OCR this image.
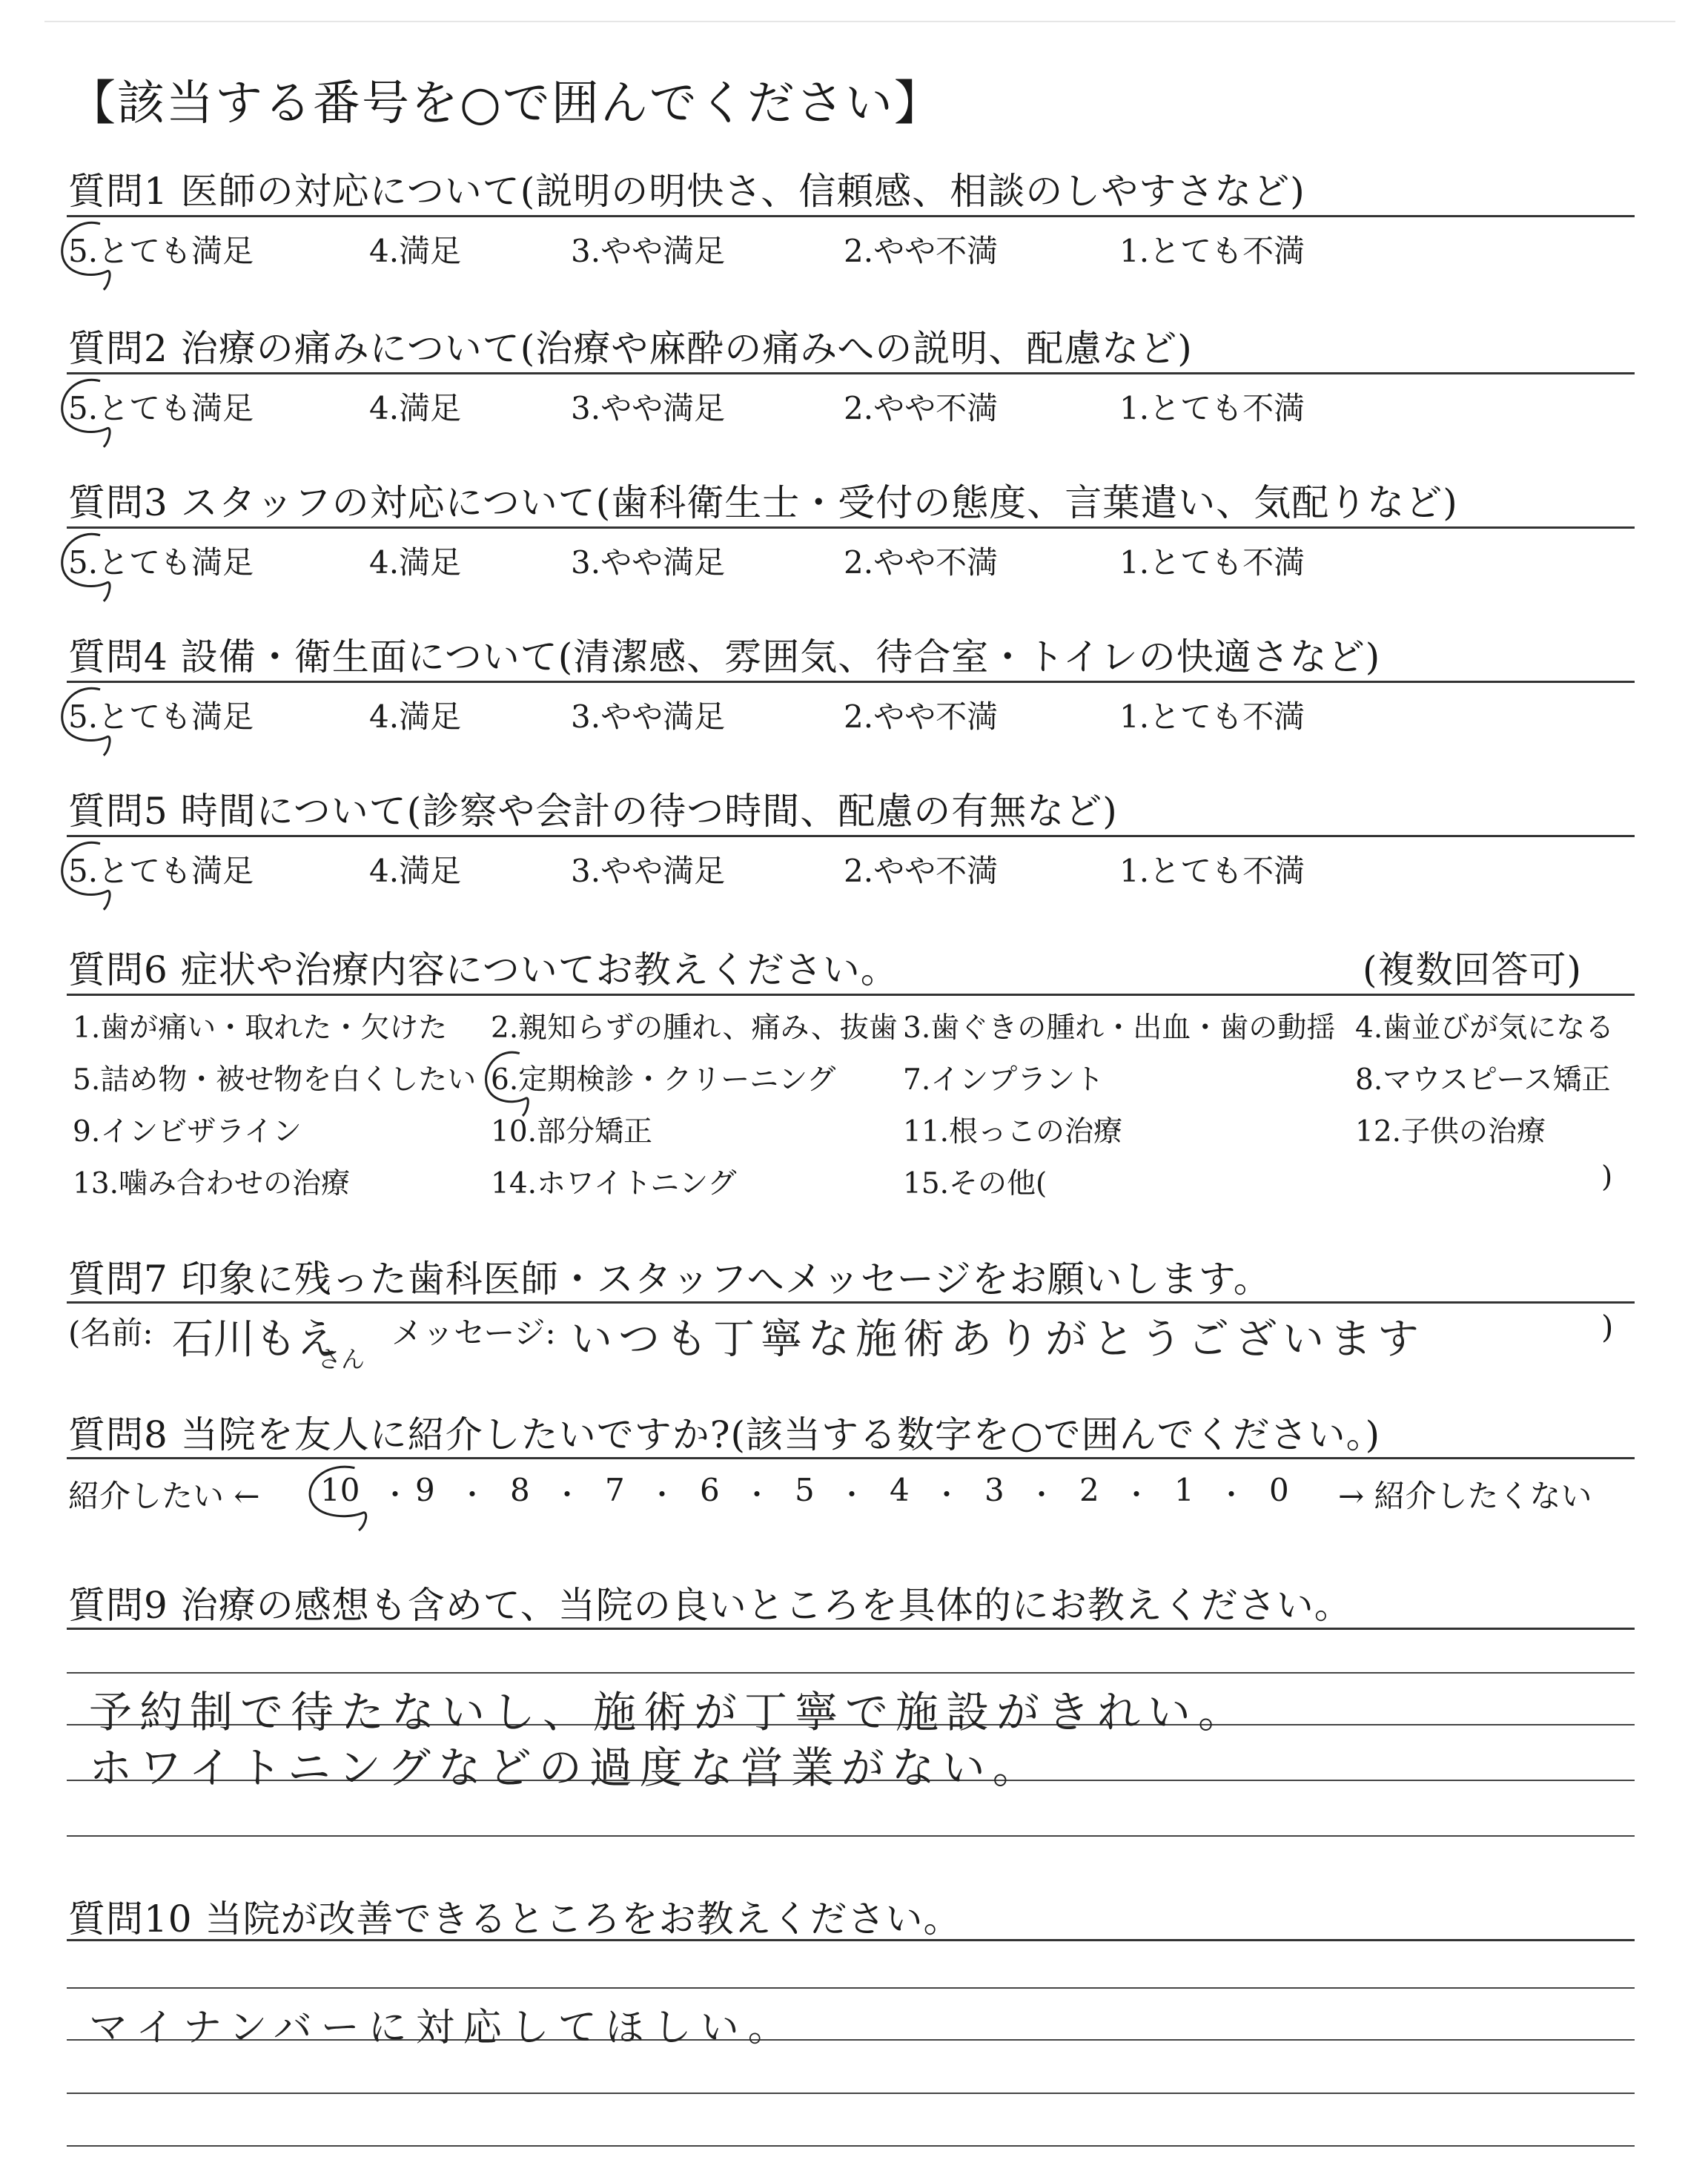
【該当する番号を○で囲んでください】
質問1 医師の対応について(説明の明快さ、信頼感、相談のしやすさなど)
5.とても満足	4.満足	3.やや満足	2.やや不満	1.とても不満
質問2 治療の痛みについて(治療や麻酔の痛みへの説明、配慮など)
5.とても満足	4.満足	3.やや満足	2.やや不満	1.とても不満
質問3 スタッフの対応について(歯科衛生士・受付の態度、言葉遣い、気配りなど)
5.とても満足	4.満足	3.やや満足	2.やや不満	1.とても不満
質問4 設備・衛生面について(清潔感、雰囲気、待合室・トイレの快適さなど)
5.とても満足	4.満足	3.やや満足	2.やや不満	1.とても不満
質問5 時間について(診察や会計の待つ時間、配慮の有無など)
5.とても満足	4.満足	3.やや満足	2.やや不満	1.とても不満
質問6 症状や治療内容についてお教えください。	(複数回答可)
1.歯が痛い・取れた・欠けた 2.親知らずの腫れ、痛み、抜歯 3.歯ぐきの腫れ・出血・歯の動揺 4.歯並びが気になる
5.詰め物・被せ物を白くしたい 6.定期検診・クリーニング 7.インプラント	8.マウスピース矯正
9.インビザライン	10.部分矯正	11.根っこの治療	12.子供の治療
13.噛み合わせの治療	14.ホワイトニング	15.その他(	)
質問7 印象に残った歯科医師・スタッフへメッセージをお願いします。
(名前: 石川もえ
さん
メッセージ: いつも丁寧な施術ありがとうございます	)
質問8 当院を友人に紹介したいですか?(該当する数字を○で囲んでください。)
紹介したい ← 10 ・ 9 ・ 8 ・ 7 ・ 6 ・ 5 ・ 4 ・ 3 ・ 2 ・ 1 ・ 0 → 紹介したくない
質問9 治療の感想も含めて、当院の良いところを具体的にお教えください。
予約制で待たないし、施術が丁寧で施設がきれい。
ホワイトニングなどの過度な営業がない。
質問10 当院が改善できるところをお教えください。
マイナンバーに対応してほしい。
